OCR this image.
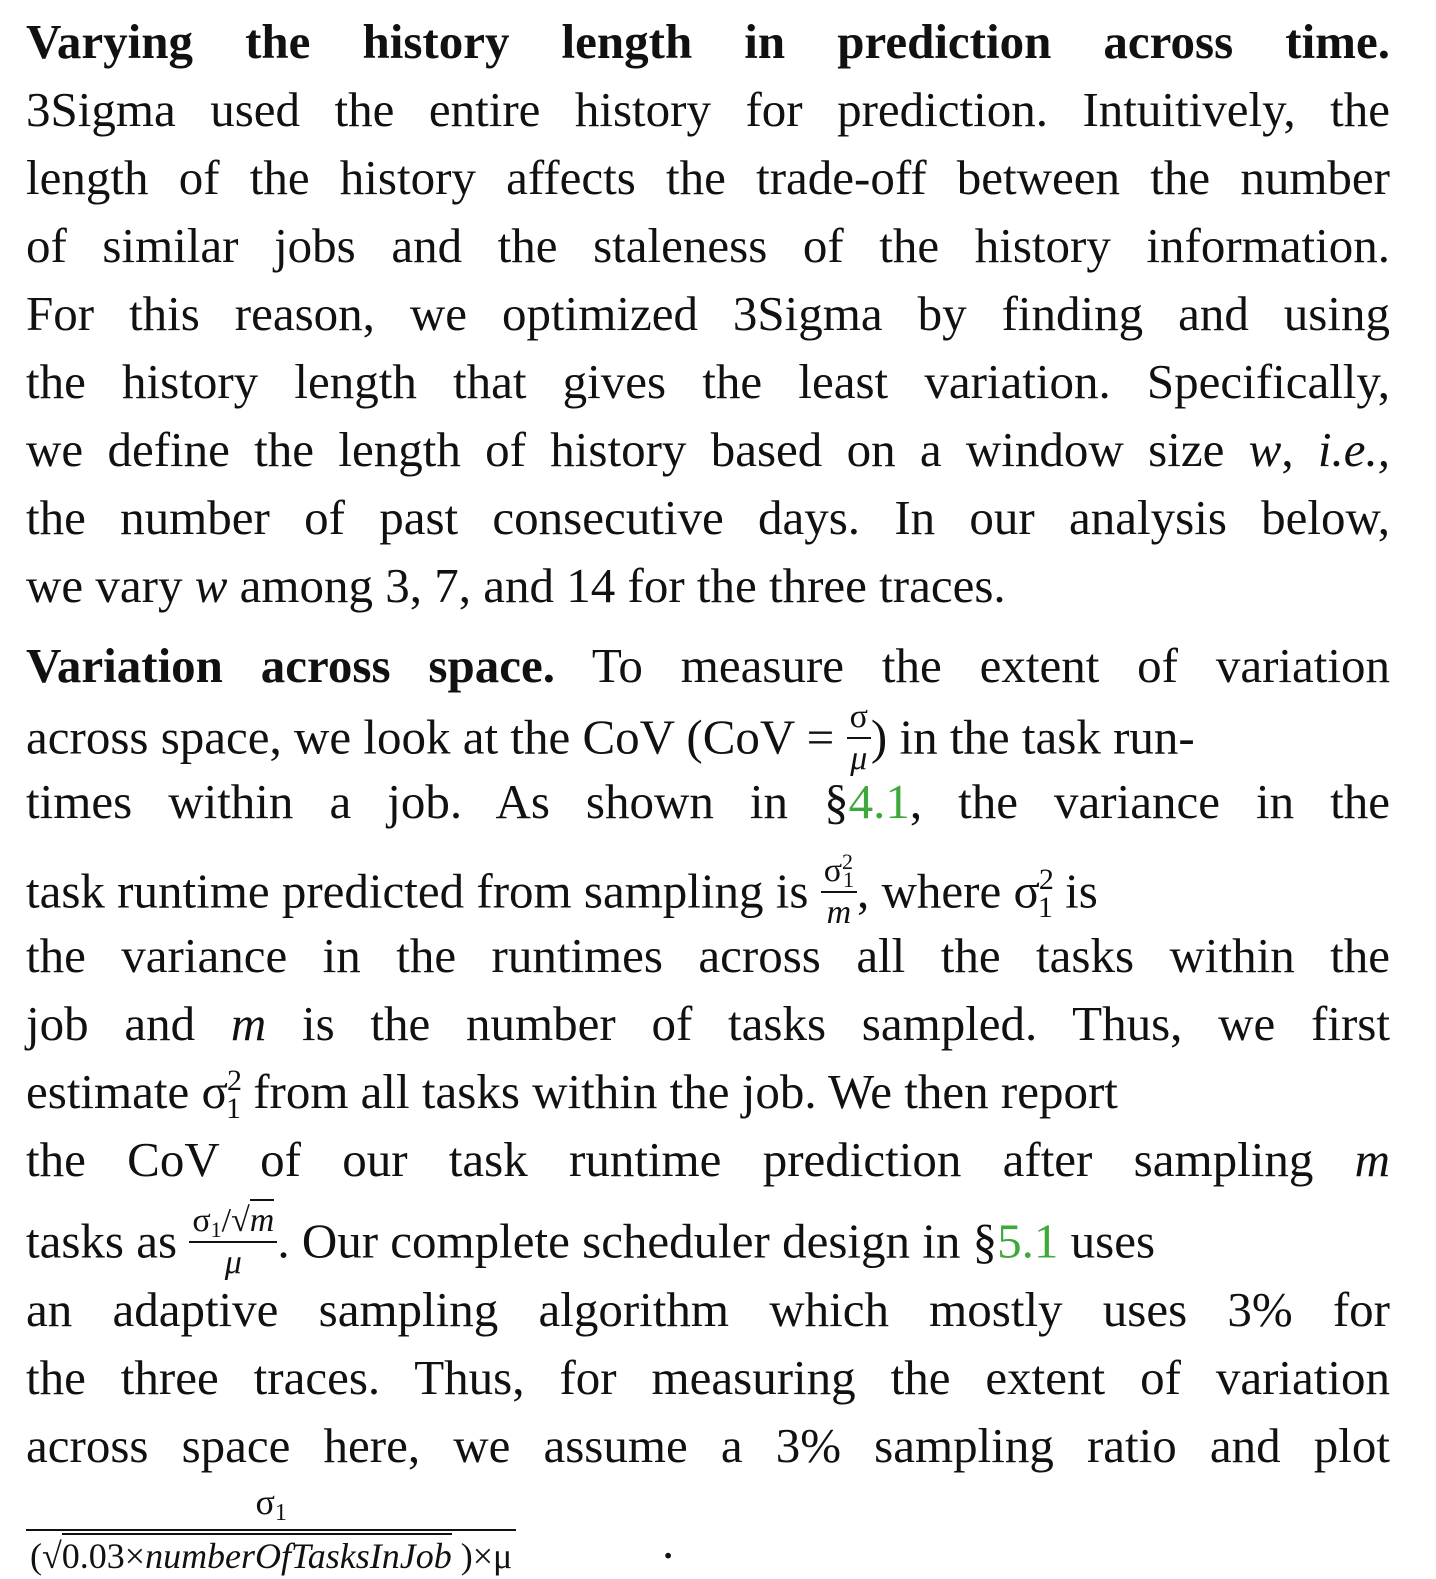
Varying the history length in prediction across time.
3Sigma used the entire history for prediction. Intuitively, the
length of the history affects the trade-off between the number
of similar jobs and the staleness of the history information.
For this reason, we optimized 3Sigma by finding and using
the history length that gives the least variation. Specifically,
we define the length of history based on a window size w, i.e.,
the number of past consecutive days. In our analysis below,
we vary w among 3, 7, and 14 for the three traces.
Variation across space. To measure the extent of variation
across space, we look at the CoV ($CoV = \frac{\sigma}{\mu}$ ) in the task run-
times within a job. As shown in §4.1, the variance in the
task runtime predicted from sampling is $\frac{\sigma^21}{m}$ , where $\sigma^2_1$ is
the variance in the runtimes across all the tasks within the
job and m is the number of tasks sampled. Thus, we first
estimate $\sigma^2_1$ from all tasks within the job. We then report
the CoV of our task runtime prediction after sampling m
tasks as $\frac{\sigma 1/√m}{\mu}$ . Our complete scheduler design in §5.1 uses
an adaptive sampling algorithm which mostly uses 3% for
the three traces. Thus, for measuring the extent of variation
across space here, we assume a 3% sampling ratio and plot
σ1
(√0.03×numberOfTasksInJob )×μ	.
